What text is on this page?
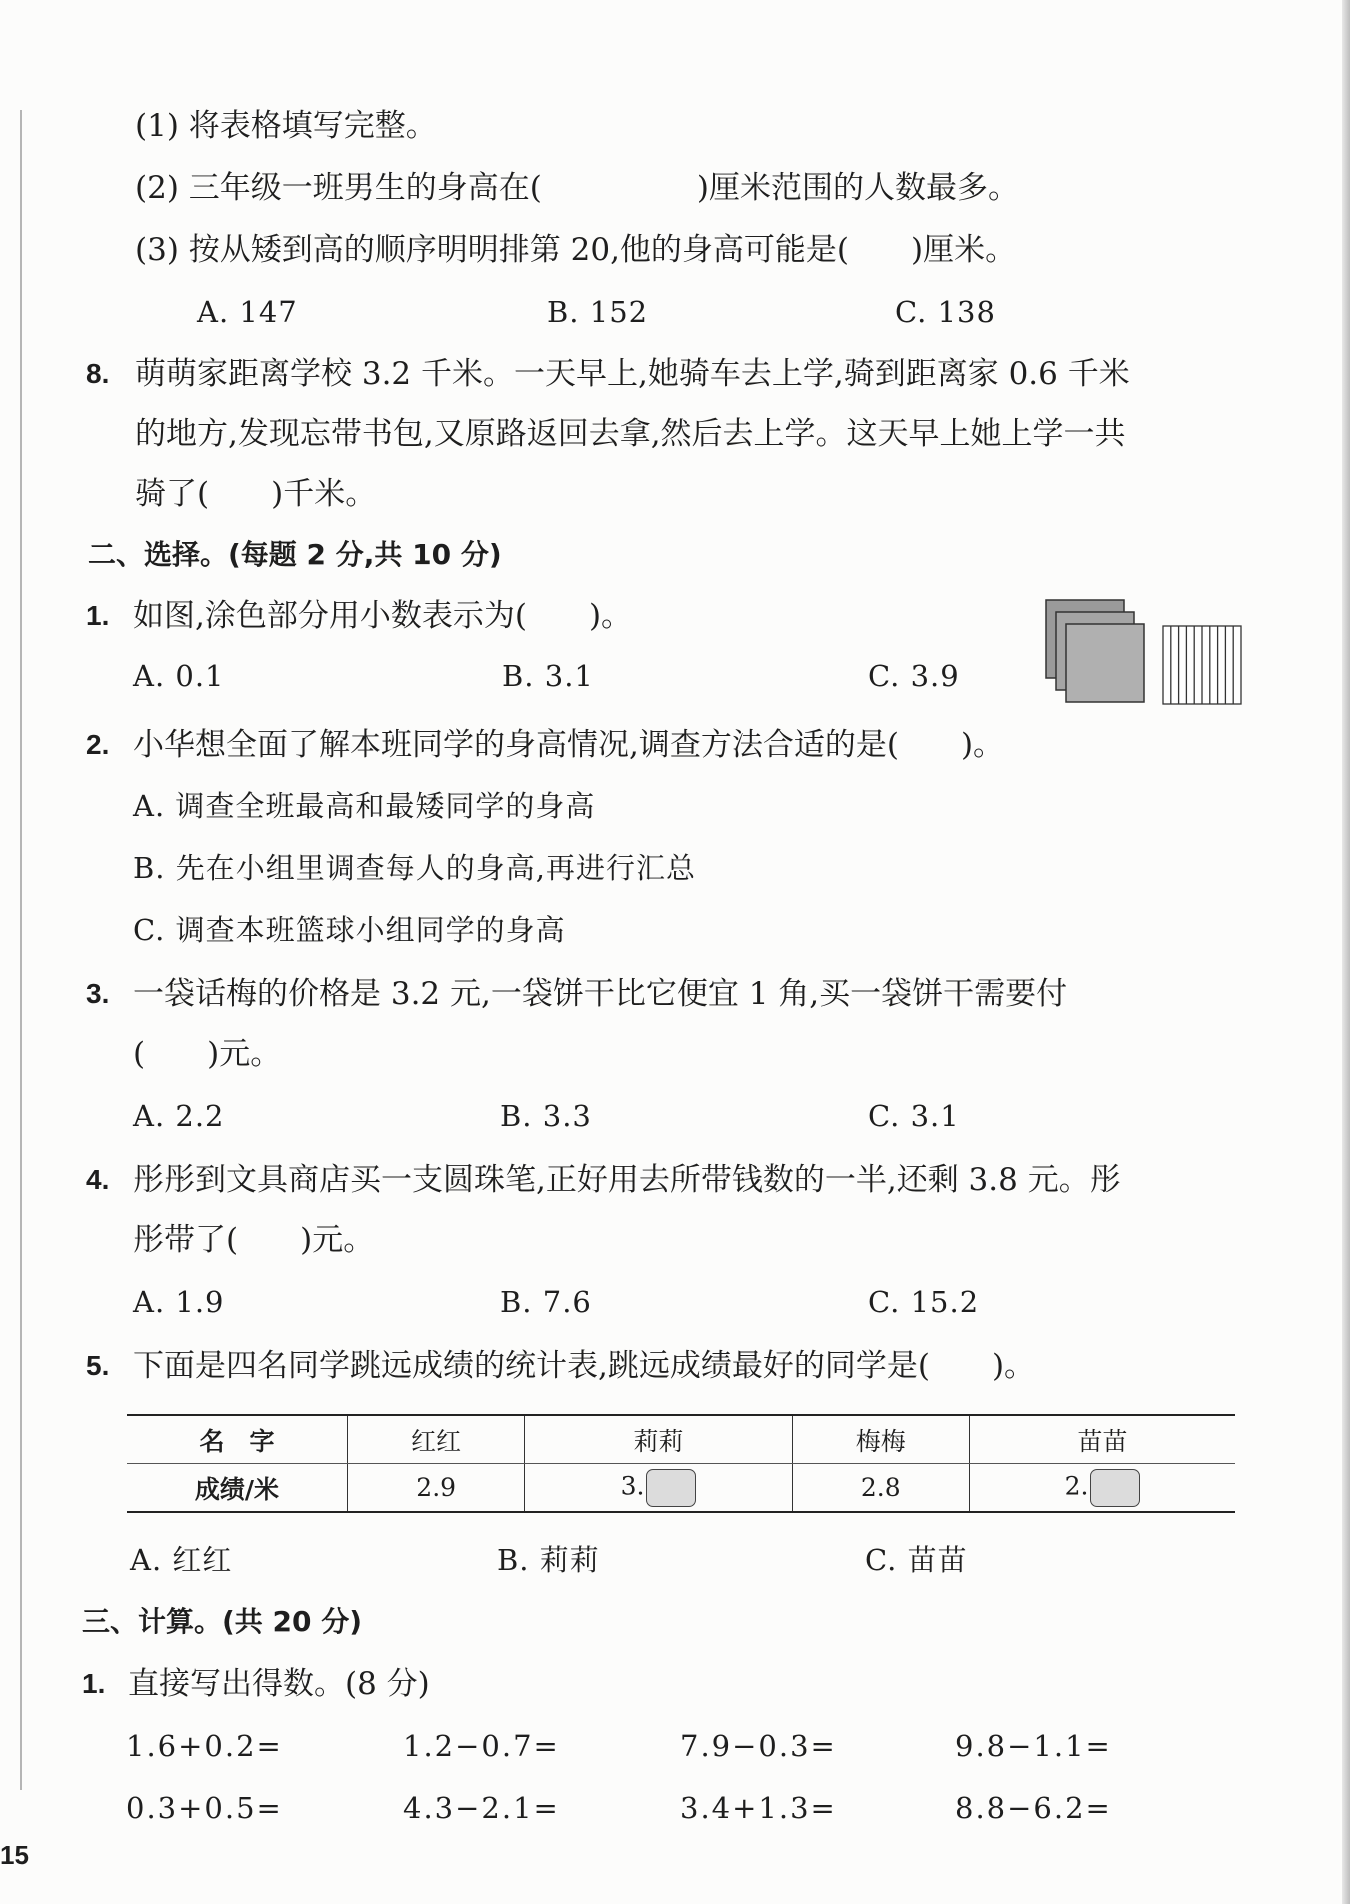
(1) 将表格填写完整。
(2) 三年级一班男生的身高在(　　　　　)厘米范围的人数最多。
(3) 按从矮到高的顺序明明排第 20,他的身高可能是(　　)厘米。
A. 147	B. 152	C. 138
8. 萌萌家距离学校 3.2 千米。一天早上,她骑车去上学,骑到距离家 0.6 千米
的地方,发现忘带书包,又原路返回去拿,然后去上学。这天早上她上学一共
骑了(　　)千米。
二、选择。(每题 2 分,共 10 分)
1. 如图,涂色部分用小数表示为(　　)。
A. 0.1	B. 3.1	C. 3.9
2. 小华想全面了解本班同学的身高情况,调查方法合适的是(　　)。
A. 调查全班最高和最矮同学的身高
B. 先在小组里调查每人的身高,再进行汇总
C. 调查本班篮球小组同学的身高
3. 一袋话梅的价格是 3.2 元,一袋饼干比它便宜 1 角,买一袋饼干需要付
(　　)元。
A. 2.2	B. 3.3	C. 3.1
4. 彤彤到文具商店买一支圆珠笔,正好用去所带钱数的一半,还剩 3.8 元。彤
彤带了(　　)元。
A. 1.9	B. 7.6	C. 15.2
5. 下面是四名同学跳远成绩的统计表,跳远成绩最好的同学是(　　)。
名　字	红红	莉莉	梅梅	苗苗
成绩/米	2.9	3.	2.8	2.
A. 红红	B. 莉莉	C. 苗苗
三、计算。(共 20 分)
1. 直接写出得数。(8 分)
1.6+0.2=	1.2−0.7=	7.9−0.3=	9.8−1.1=
0.3+0.5=	4.3−2.1=	3.4+1.3=	8.8−6.2=
15
